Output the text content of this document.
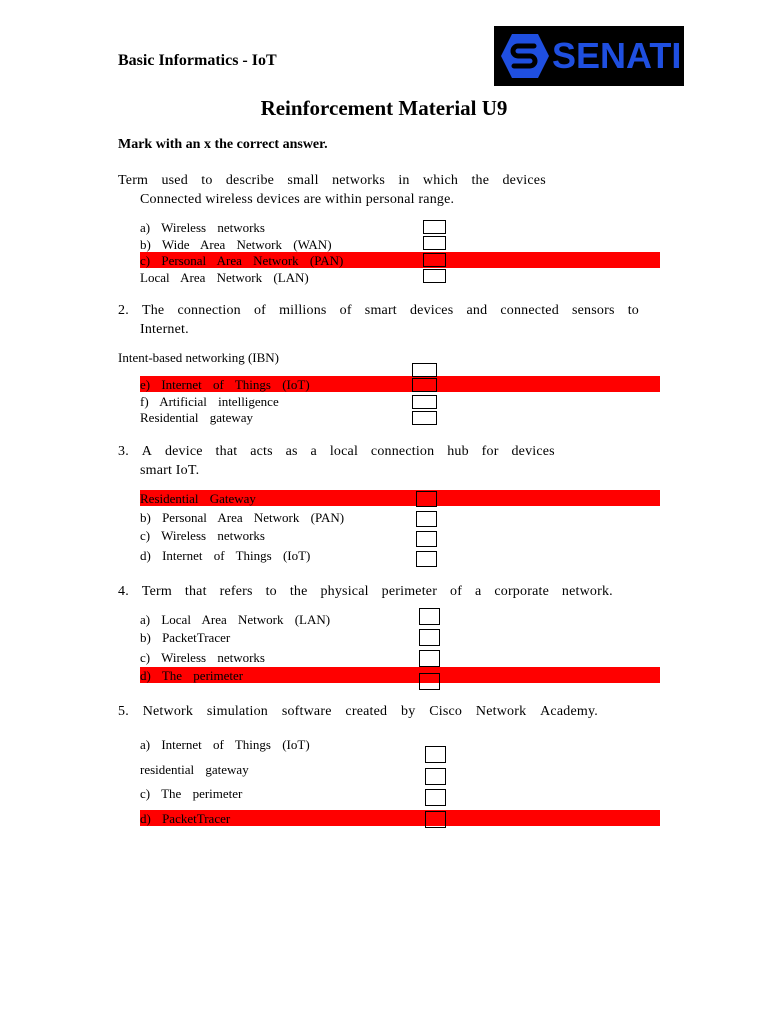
Basic Informatics - IoT	SENATI
Reinforcement Material U9
Mark with an x the correct answer.
Term used to describe small networks in which the devices
Connected wireless devices are within personal range.
a) Wireless networks
b) Wide Area Network (WAN)
c) Personal Area Network (PAN)
Local Area Network (LAN)
2. The connection of millions of smart devices and connected sensors to
Internet.
Intent-based networking (IBN)
e) Internet of Things (IoT)
f) Artificial intelligence
Residential gateway
3. A device that acts as a local connection hub for devices
smart IoT.
Residential Gateway
b) Personal Area Network (PAN)
c) Wireless networks
d) Internet of Things (IoT)
4. Term that refers to the physical perimeter of a corporate network.
a) Local Area Network (LAN)
b) PacketTracer
c) Wireless networks
d) The perimeter
5. Network simulation software created by Cisco Network Academy.
a) Internet of Things (IoT)
residential gateway
c) The perimeter
d) PacketTracer
